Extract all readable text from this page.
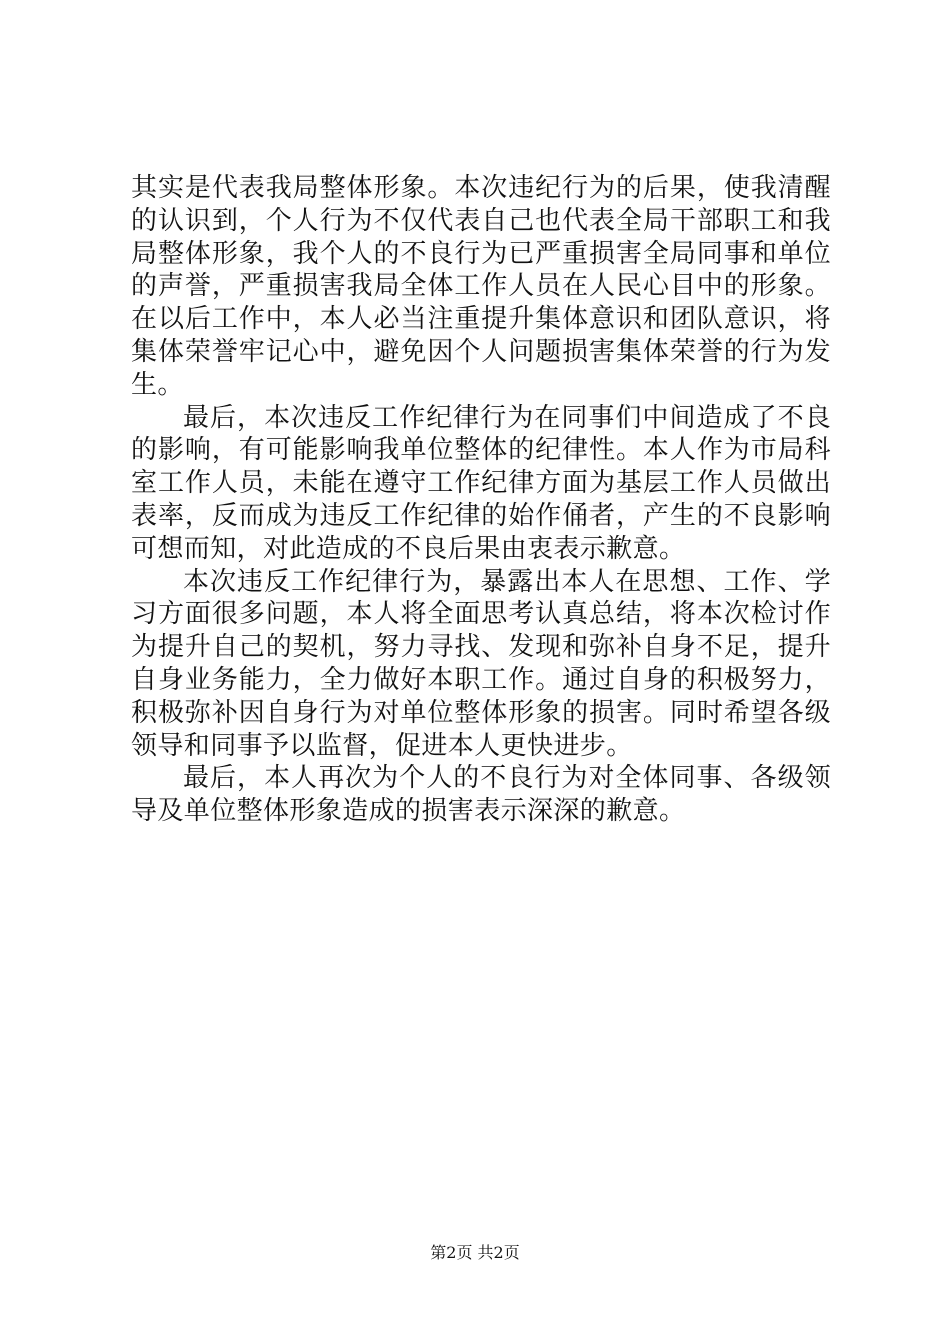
其实是代表我局整体形象。本次违纪行为的后果，使我清醒的认识到，个人行为不仅代表自己也代表全局干部职工和我局整体形象，我个人的不良行为已严重损害全局同事和单位的声誉，严重损害我局全体工作人员在人民心目中的形象。在以后工作中，本人必当注重提升集体意识和团队意识，将集体荣誉牢记心中，避免因个人问题损害集体荣誉的行为发生。

最后，本次违反工作纪律行为在同事们中间造成了不良的影响，有可能影响我单位整体的纪律性。本人作为市局科室工作人员，未能在遵守工作纪律方面为基层工作人员做出表率，反而成为违反工作纪律的始作俑者，产生的不良影响可想而知，对此造成的不良后果由衷表示歉意。

本次违反工作纪律行为，暴露出本人在思想、工作、学习方面很多问题，本人将全面思考认真总结，将本次检讨作为提升自己的契机，努力寻找、发现和弥补自身不足，提升自身业务能力，全力做好本职工作。通过自身的积极努力，积极弥补因自身行为对单位整体形象的损害。同时希望各级领导和同事予以监督，促进本人更快进步。

最后，本人再次为个人的不良行为对全体同事、各级领导及单位整体形象造成的损害表示深深的歉意。

第2页 共2页
